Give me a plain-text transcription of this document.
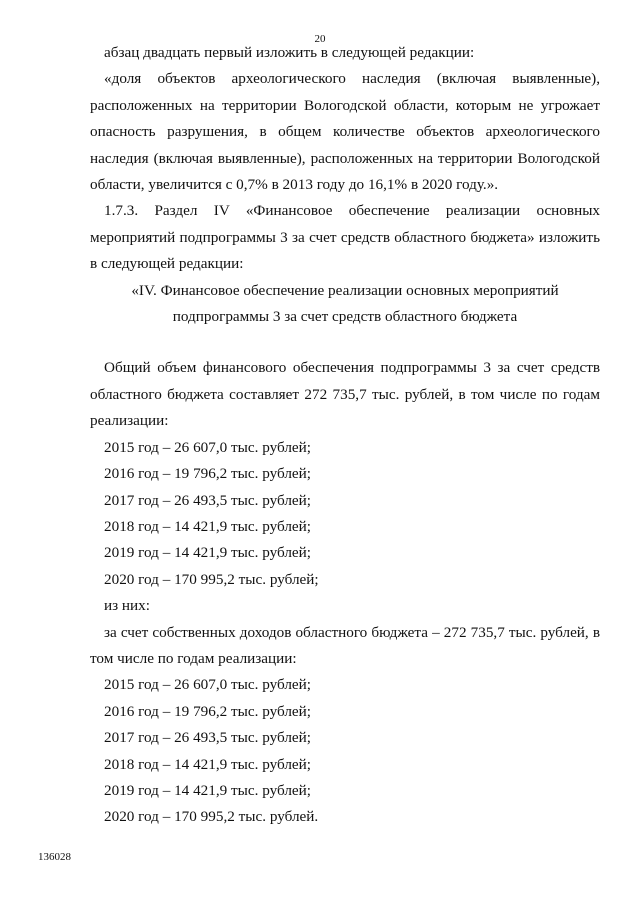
20

абзац двадцать первый изложить в следующей редакции:

«доля объектов археологического наследия (включая выявленные), расположенных на территории Вологодской области, которым не угрожает опасность разрушения, в общем количестве объектов археологического наследия (включая выявленные), расположенных на территории Вологодской области, увеличится с 0,7% в 2013 году до 16,1% в 2020 году.».

1.7.3. Раздел IV «Финансовое обеспечение реализации основных мероприятий подпрограммы 3 за счет средств областного бюджета» изложить в следующей редакции:

«IV. Финансовое обеспечение реализации основных мероприятий

подпрограммы 3 за счет средств областного бюджета

Общий объем финансового обеспечения подпрограммы 3 за счет средств областного бюджета составляет 272 735,7 тыс. рублей, в том числе по годам реализации:

2015 год – 26 607,0 тыс. рублей;
2016 год – 19 796,2 тыс. рублей;
2017 год – 26 493,5 тыс. рублей;
2018 год – 14 421,9 тыс. рублей;
2019 год – 14 421,9 тыс. рублей;
2020 год – 170 995,2 тыс. рублей;

из них:

за счет собственных доходов областного бюджета – 272 735,7 тыс. рублей, в том числе по годам реализации:

2015 год – 26 607,0 тыс. рублей;
2016 год – 19 796,2 тыс. рублей;
2017 год – 26 493,5 тыс. рублей;
2018 год – 14 421,9 тыс. рублей;
2019 год – 14 421,9 тыс. рублей;
2020 год – 170 995,2 тыс. рублей.
136028
